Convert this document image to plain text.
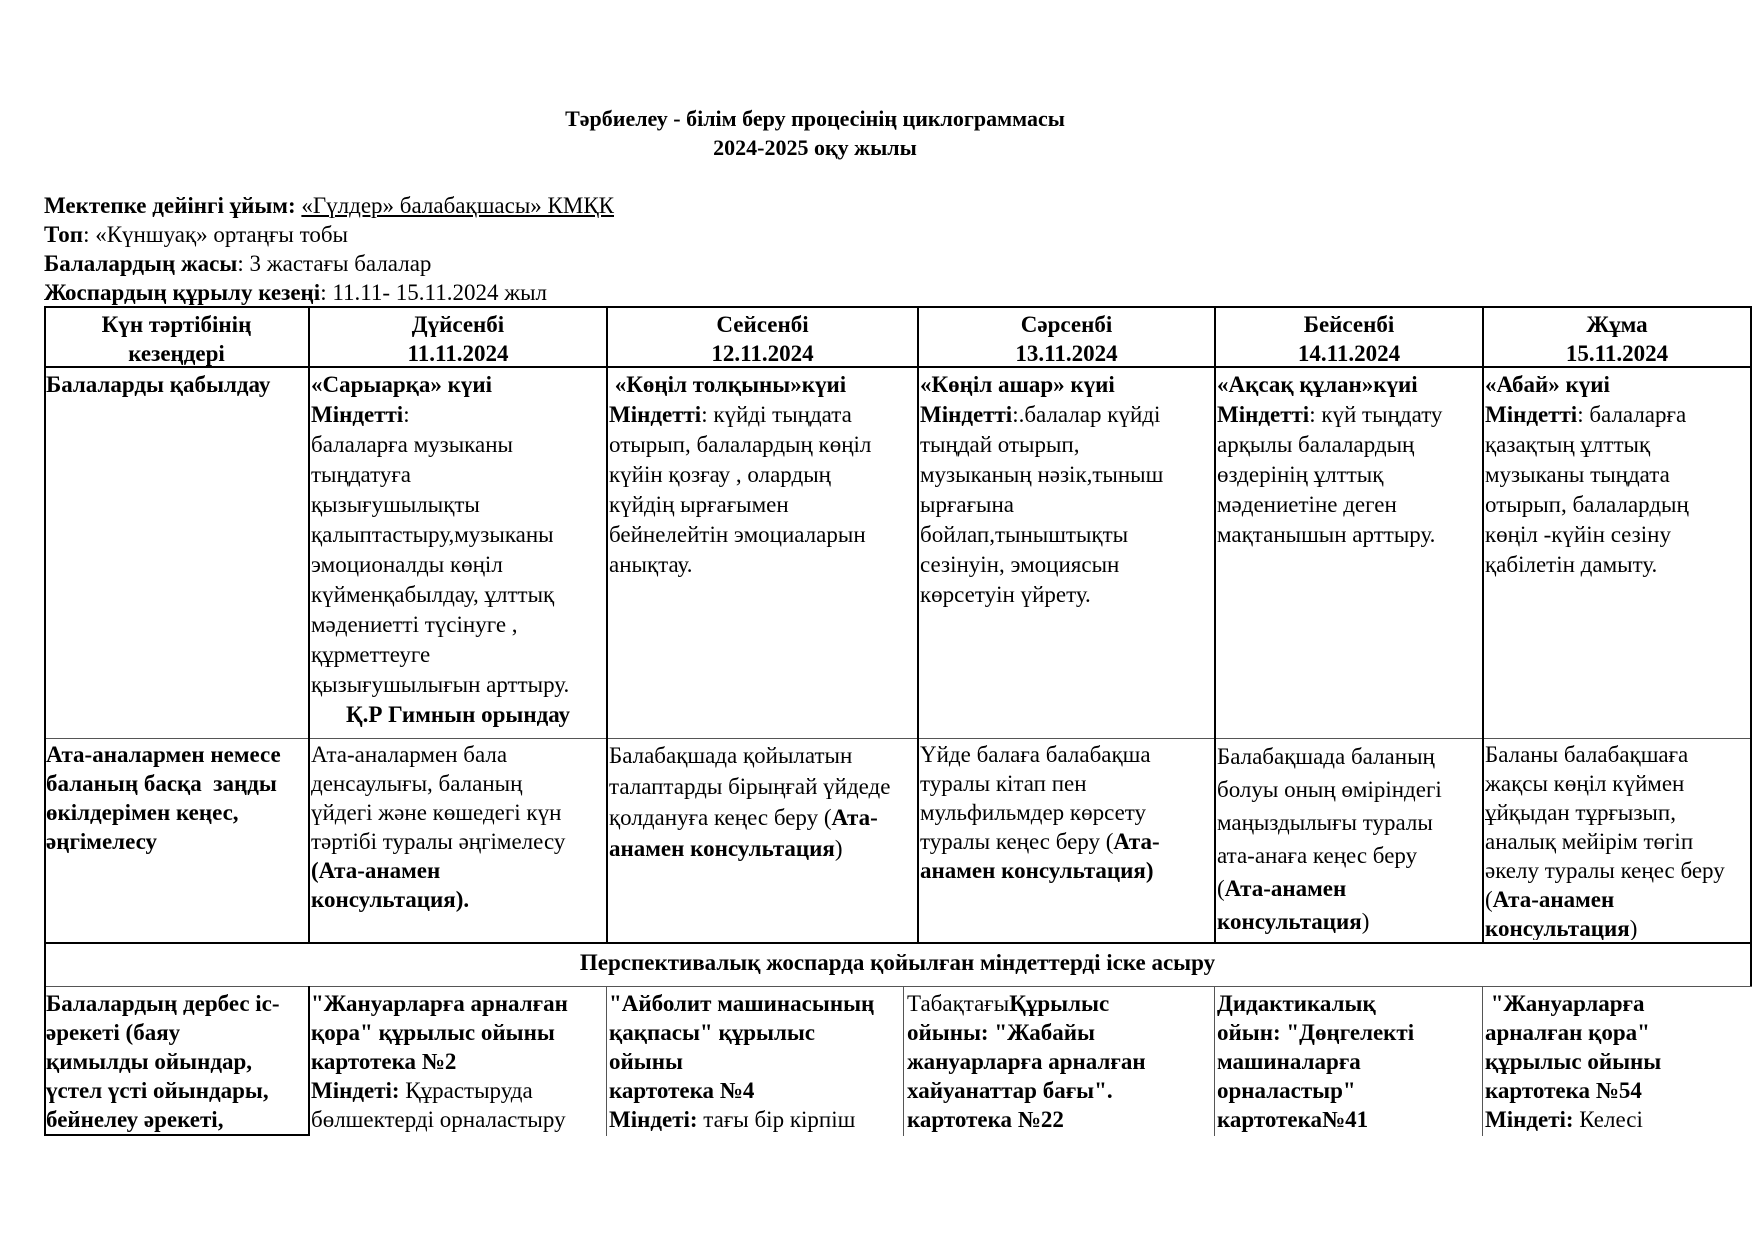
Тәрбиелеу - білім беру процесінің циклограммасы
2024-2025 оқу жылы
Мектепке дейінгі ұйым: «Гүлдер» балабақшасы» КМҚК
Топ: «Күншуақ» ортаңғы тобы
Балалардың жасы: 3 жастағы балалар
Жоспардың құрылу кезеңі: 11.11- 15.11.2024 жыл
Күн тәртібінің
кезеңдері
Дүйсенбі
11.11.2024
Сейсенбі
12.11.2024
Сәрсенбі
13.11.2024
Бейсенбі
14.11.2024
Жұма
15.11.2024
Балаларды қабылдау	«Сарыарқа» күиі
Міндетті:
балаларға музыканы
тыңдатуға
қызығушылықты
қалыптастыру,музыканы
эмоционалды көңіл
күйменқабылдау, ұлттық
мәдениетті түсінуге ,
құрметтеуге
қызығушылығын арттыру.

Қ.Р Гимнын орындау
«Көңіл толқыны»күиі
Міндетті: күйді тыңдата
отырып, балалардың көңіл
күйін қозғау , олардың
күйдің ырғағымен
бейнелейтін эмоциаларын
анықтау.
«Көңіл ашар» күиі
Міндетті:.балалар күйді
тыңдай отырып,
музыканың нәзік,тыныш
ырғағына
бойлап,тыныштықты
сезінуін, эмоциясын
көрсетуін үйрету.
«Ақсақ құлан»күиі
Міндетті: күй тыңдату
арқылы балалардың
өздерінің ұлттық
мәдениетіне деген
мақтанышын арттыру.
«Абай» күиі
Міндетті: балаларға
қазақтың ұлттық
музыканы тыңдата
отырып, балалардың
көңіл -күйін сезіну
қабілетін дамыту.
Ата-аналармен немесе
баланың басқа  заңды
өкілдерімен кеңес,
әңгімелесу
Ата-аналармен бала
денсаулығы, баланың
үйдегі және көшедегі күн
тәртібі туралы әңгімелесу
(Ата-анамен
консультация).
Балабақшада қойылатын
талаптарды бірыңғай үйдеде
қолдануға кеңес беру (Ата-
анамен консультация)
Үйде балаға балабақша
туралы кітап пен
мульфильмдер көрсету
туралы кеңес беру (Ата-
анамен консультация)
Балабақшада баланың
болуы оның өміріндегі
маңыздылығы туралы
ата-анаға кеңес беру
(Ата-анамен
консультация)
Баланы балабақшаға
жақсы көңіл күймен
ұйқыдан тұрғызып,
аналық мейірім төгіп
әкелу туралы кеңес беру
(Ата-анамен
консультация)
Перспективалық жоспарда қойылған міндеттерді іске асыру
Балалардың дербес іс-
әрекеті (баяу
қимылды ойындар,
үстел үсті ойындары,
бейнелеу әрекеті,
"Жануарларға арналған
қора" құрылыс ойыны
картотека №2
Міндеті: Құрастыруда
бөлшектерді орналастыру
"Айболит машинасының
қақпасы" құрылыс
ойыны
картотека №4
Міндеті: тағы бір кірпіш
ТабақтағыҚұрылыс
ойыны: "Жабайы
жануарларға арналған
хайуанаттар бағы".
картотека №22
Дидактикалық
ойын: "Дөңгелекті
машиналарға
орналастыр"
картотека№41
"Жануарларға
арналған қора"
құрылыс ойыны
картотека №54
Міндеті: Келесі
